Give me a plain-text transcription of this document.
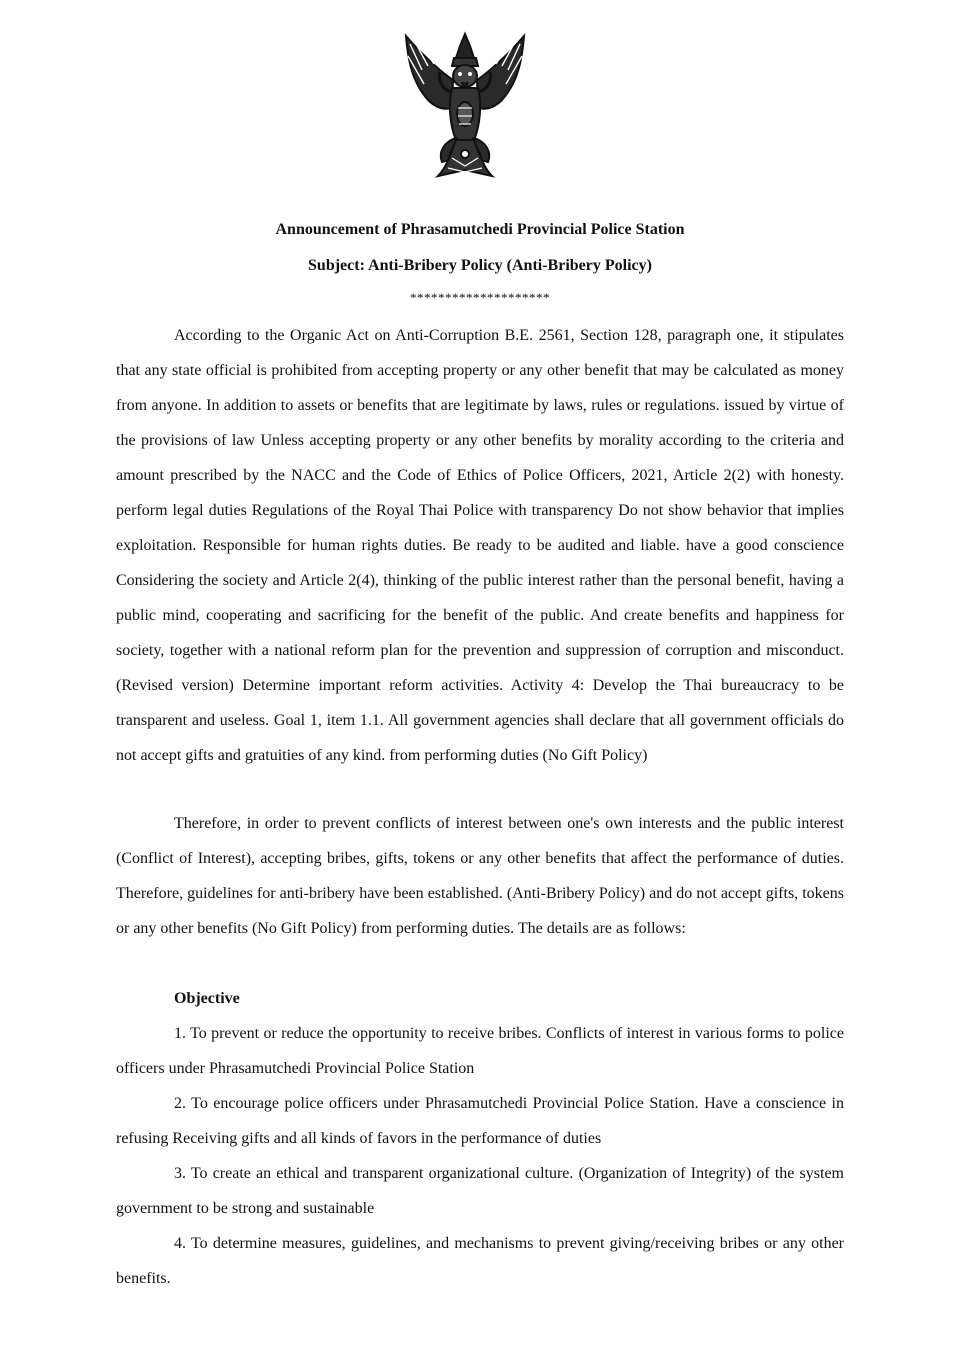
Announcement of Phrasamutchedi Provincial Police Station
Subject: Anti-Bribery Policy (Anti-Bribery Policy)
********************

According to the Organic Act on Anti-Corruption B.E. 2561, Section 128, paragraph one, it stipulates that any state official is prohibited from accepting property or any other benefit that may be calculated as money from anyone. In addition to assets or benefits that are legitimate by laws, rules or regulations. issued by virtue of the provisions of law Unless accepting property or any other benefits by morality according to the criteria and amount prescribed by the NACC and the Code of Ethics of Police Officers, 2021, Article 2(2) with honesty. perform legal duties Regulations of the Royal Thai Police with transparency Do not show behavior that implies exploitation. Responsible for human rights duties. Be ready to be audited and liable. have a good conscience Considering the society and Article 2(4), thinking of the public interest rather than the personal benefit, having a public mind, cooperating and sacrificing for the benefit of the public. And create benefits and happiness for society, together with a national reform plan for the prevention and suppression of corruption and misconduct. (Revised version) Determine important reform activities. Activity 4: Develop the Thai bureaucracy to be transparent and useless. Goal 1, item 1.1. All government agencies shall declare that all government officials do not accept gifts and gratuities of any kind. from performing duties (No Gift Policy)

Therefore, in order to prevent conflicts of interest between one's own interests and the public interest (Conflict of Interest), accepting bribes, gifts, tokens or any other benefits that affect the performance of duties. Therefore, guidelines for anti-bribery have been established. (Anti-Bribery Policy) and do not accept gifts, tokens or any other benefits (No Gift Policy) from performing duties. The details are as follows:

Objective

1. To prevent or reduce the opportunity to receive bribes. Conflicts of interest in various forms to police officers under Phrasamutchedi Provincial Police Station

2. To encourage police officers under Phrasamutchedi Provincial Police Station. Have a conscience in refusing Receiving gifts and all kinds of favors in the performance of duties

3. To create an ethical and transparent organizational culture. (Organization of Integrity) of the system government to be strong and sustainable

4. To determine measures, guidelines, and mechanisms to prevent giving/receiving bribes or any other benefits.
